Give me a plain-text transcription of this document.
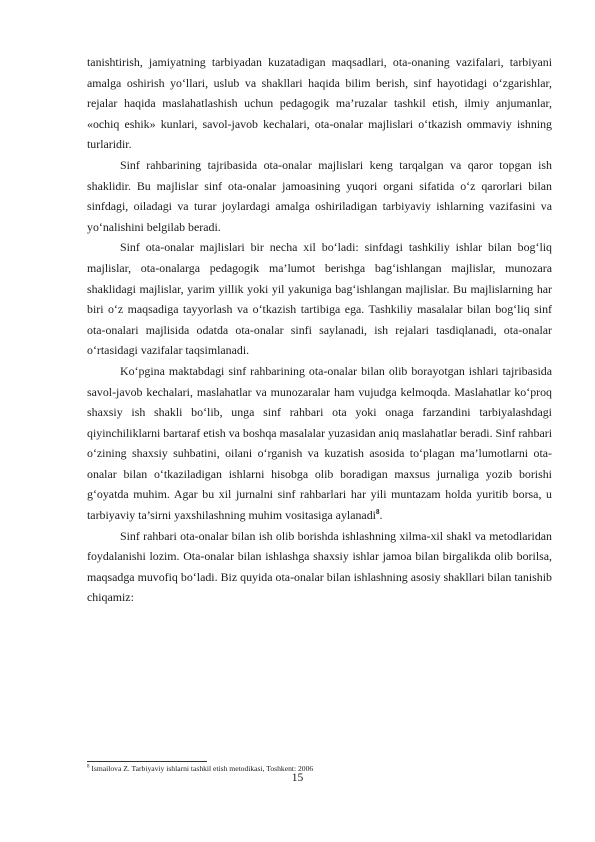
tanishtirish, jamiyatning tarbiyadan kuzatadigan maqsadlari, ota-onaning vazifalari, tarbiyani amalga oshirish yo‘llari, uslub va shakllari haqida bilim berish, sinf hayotidagi o‘zgarishlar, rejalar haqida maslahatlashish uchun pedagogik ma’ruzalar tashkil etish, ilmiy anjumanlar, «ochiq eshik» kunlari, savol-javob kechalari, ota-onalar majlislari o‘tkazish ommaviy ishning turlaridir.

Sinf rahbarining tajribasida ota-onalar majlislari keng tarqalgan va qaror topgan ish shaklidir. Bu majlislar sinf ota-onalar jamoasining yuqori organi sifatida o‘z qarorlari bilan sinfdagi, oiladagi va turar joylardagi amalga oshiriladigan tarbiyaviy ishlarning vazifasini va yo‘nalishini belgilab beradi.

Sinf ota-onalar majlislari bir necha xil bo‘ladi: sinfdagi tashkiliy ishlar bilan bog‘liq majlislar, ota-onalarga pedagogik ma’lumot berishga bag‘ishlangan majlislar, munozara shaklidagi majlislar, yarim yillik yoki yil yakuniga bag‘ishlangan majlislar. Bu majlislarning har biri o‘z maqsadiga tayyorlash va o‘tkazish tartibiga ega. Tashkiliy masalalar bilan bog‘liq sinf ota-onalari majlisida odatda ota-onalar sinfi saylanadi, ish rejalari tasdiqlanadi, ota-onalar o‘rtasidagi vazifalar taqsimlanadi.

Ko‘pgina maktabdagi sinf rahbarining ota-onalar bilan olib borayotgan ishlari tajribasida savol-javob kechalari, maslahatlar va munozaralar ham vujudga kelmoqda. Maslahatlar ko‘proq shaxsiy ish shakli bo‘lib, unga sinf rahbari ota yoki onaga farzandini tarbiyalashdagi qiyinchiliklarni bartaraf etish va boshqa masalalar yuzasidan aniq maslahatlar beradi. Sinf rahbari o‘zining shaxsiy suhbatini, oilani o‘rganish va kuzatish asosida to‘plagan ma’lumotlarni ota-onalar bilan o‘tkaziladigan ishlarni hisobga olib boradigan maxsus jurnaliga yozib borishi g‘oyatda muhim. Agar bu xil jurnalni sinf rahbarlari har yili muntazam holda yuritib borsa, u tarbiyaviy ta’sirni yaxshilashning muhim vositasiga aylanadi$^8$.

Sinf rahbari ota-onalar bilan ish olib borishda ishlashning xilma-xil shakl va metodlaridan foydalanishi lozim. Ota-onalar bilan ishlashga shaxsiy ishlar jamoa bilan birgalikda olib borilsa, maqsadga muvofiq bo‘ladi. Biz quyida ota-onalar bilan ishlashning asosiy shakllari bilan tanishib chiqamiz:

$^8$ Ismailova Z. Tarbiyaviy ishlarni tashkil etish metodikasi, Toshkent: 2006
15
